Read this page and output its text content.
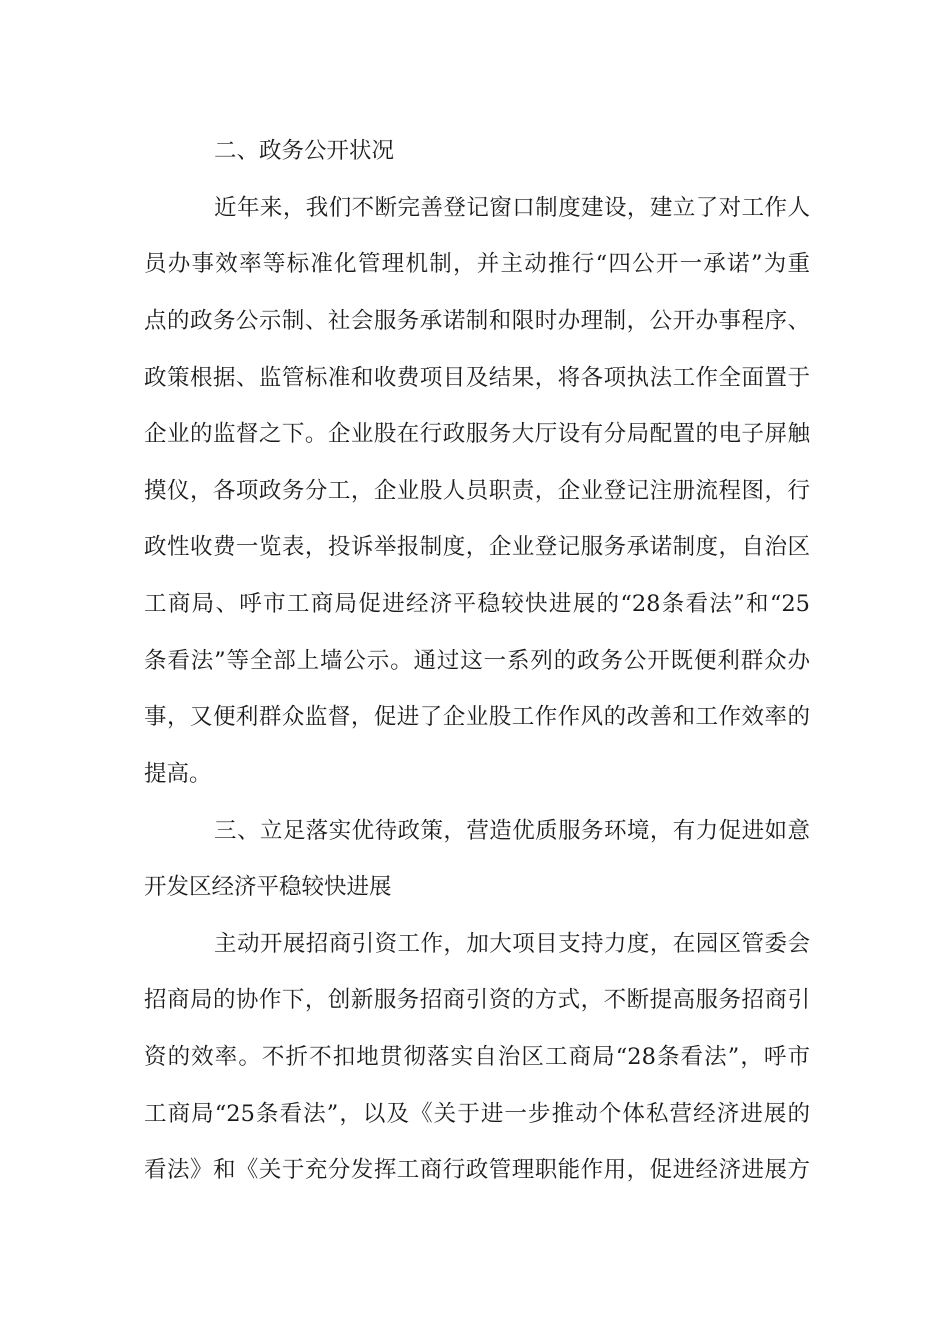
二、政务公开状况
近年来，我们不断完善登记窗口制度建设，建立了对工作人
员办事效率等标准化管理机制，并主动推行“四公开一承诺”为重
点的政务公示制、社会服务承诺制和限时办理制，公开办事程序、
政策根据、监管标准和收费项目及结果，将各项执法工作全面置于
企业的监督之下。企业股在行政服务大厅设有分局配置的电子屏触
摸仪，各项政务分工，企业股人员职责，企业登记注册流程图，行
政性收费一览表，投诉举报制度，企业登记服务承诺制度，自治区
工商局、呼市工商局促进经济平稳较快进展的“28条看法”和“25
条看法”等全部上墙公示。通过这一系列的政务公开既便利群众办
事，又便利群众监督，促进了企业股工作作风的改善和工作效率的
提高。
三、立足落实优待政策，营造优质服务环境，有力促进如意
开发区经济平稳较快进展
主动开展招商引资工作，加大项目支持力度，在园区管委会
招商局的协作下，创新服务招商引资的方式，不断提高服务招商引
资的效率。不折不扣地贯彻落实自治区工商局“28条看法”，呼市
工商局“25条看法”，以及《关于进一步推动个体私营经济进展的
看法》和《关于充分发挥工商行政管理职能作用，促进经济进展方
